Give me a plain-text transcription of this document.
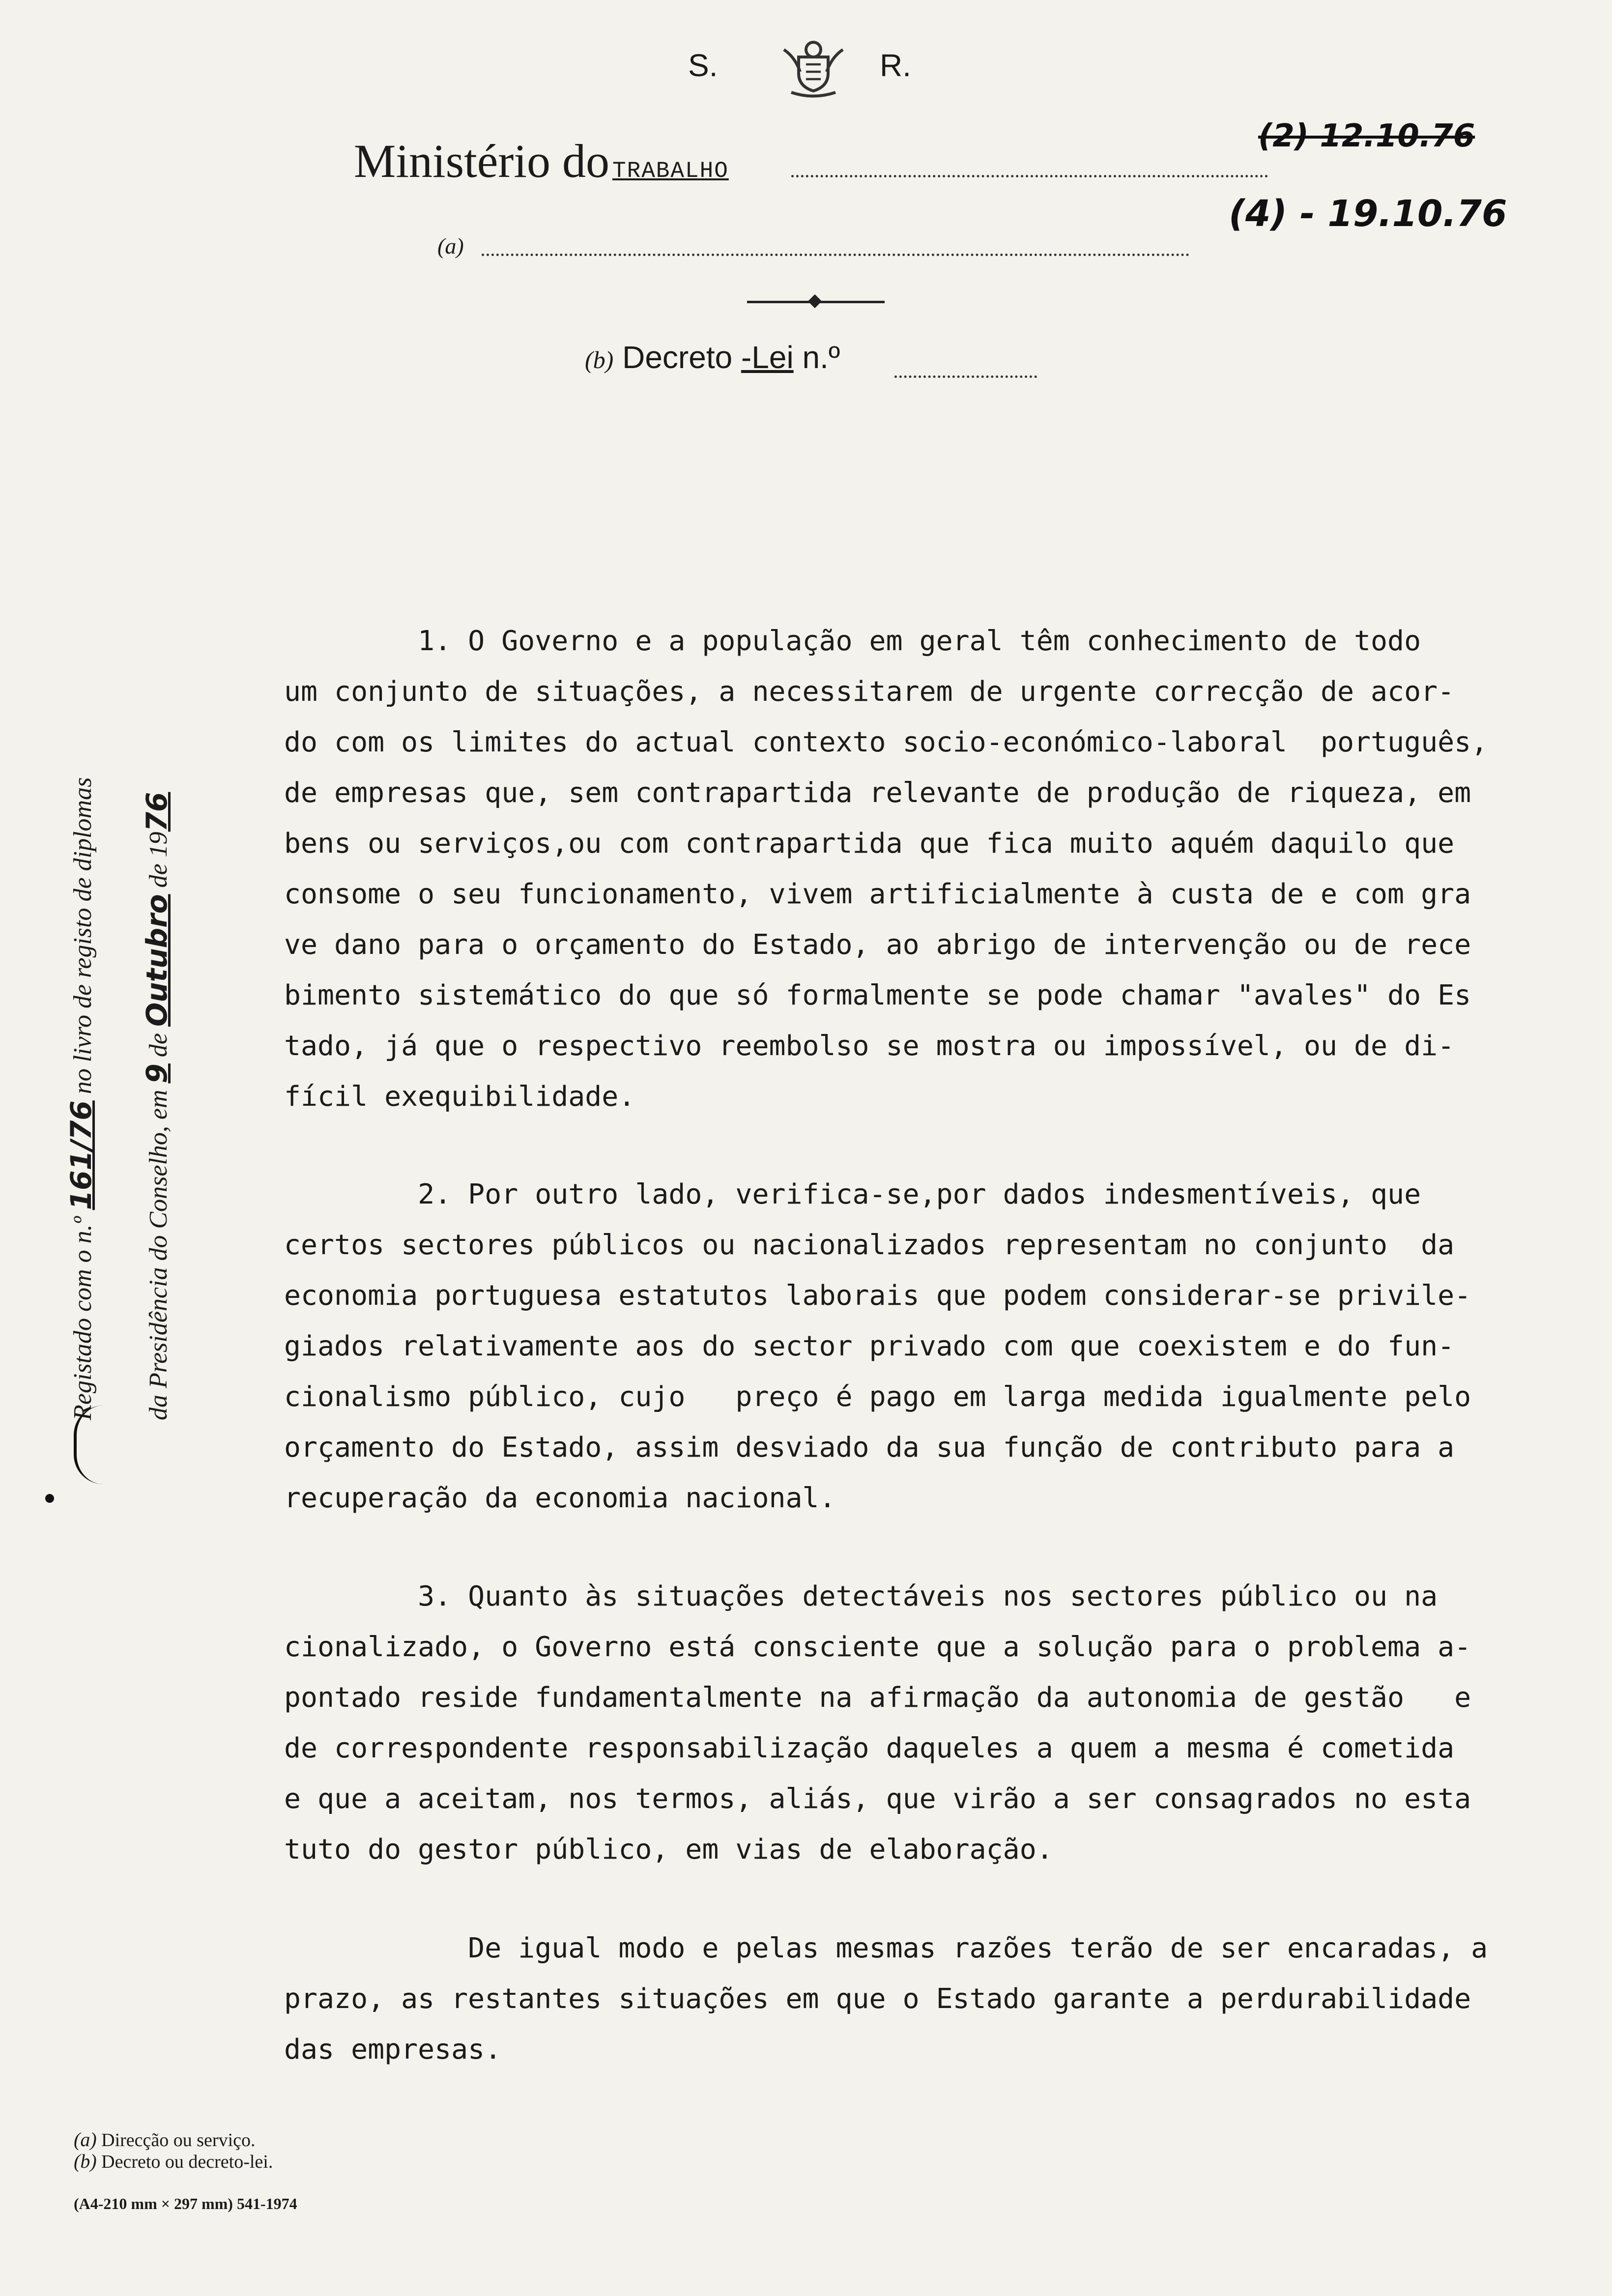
S.	R.
Ministério do TRABALHO
(2) 12.10.76
(4) - 19.10.76
(a)
(b) Decreto -Lei n.º
1. O Governo e a população em geral têm conhecimento de todo
um conjunto de situações, a necessitarem de urgente correcção de acor-
do com os limites do actual contexto socio-económico-laboral  português,
de empresas que, sem contrapartida relevante de produção de riqueza, em
bens ou serviços,ou com contrapartida que fica muito aquém daquilo que
consome o seu funcionamento, vivem artificialmente à custa de e com gra
ve dano para o orçamento do Estado, ao abrigo de intervenção ou de rece
bimento sistemático do que só formalmente se pode chamar "avales" do Es
tado, já que o respectivo reembolso se mostra ou impossível, ou de di-
fícil exequibilidade.
2. Por outro lado, verifica-se,por dados indesmentíveis, que
certos sectores públicos ou nacionalizados representam no conjunto  da
economia portuguesa estatutos laborais que podem considerar-se privile-
giados relativamente aos do sector privado com que coexistem e do fun-
cionalismo público, cujo   preço é pago em larga medida igualmente pelo
orçamento do Estado, assim desviado da sua função de contributo para a
recuperação da economia nacional.
3. Quanto às situações detectáveis nos sectores público ou na
cionalizado, o Governo está consciente que a solução para o problema a-
pontado reside fundamentalmente na afirmação da autonomia de gestão   e
de correspondente responsabilização daqueles a quem a mesma é cometida
e que a aceitam, nos termos, aliás, que virão a ser consagrados no esta
tuto do gestor público, em vias de elaboração.
De igual modo e pelas mesmas razões terão de ser encaradas, a
prazo, as restantes situações em que o Estado garante a perdurabilidade
das empresas.
Registado com o n.º 161/76 no livro de registo de diplomas
da Presidência do Conselho, em 9 de Outubro de 1976
(a) Direcção ou serviço.
(b) Decreto ou decreto-lei.
(A4-210 mm × 297 mm) 541-1974
